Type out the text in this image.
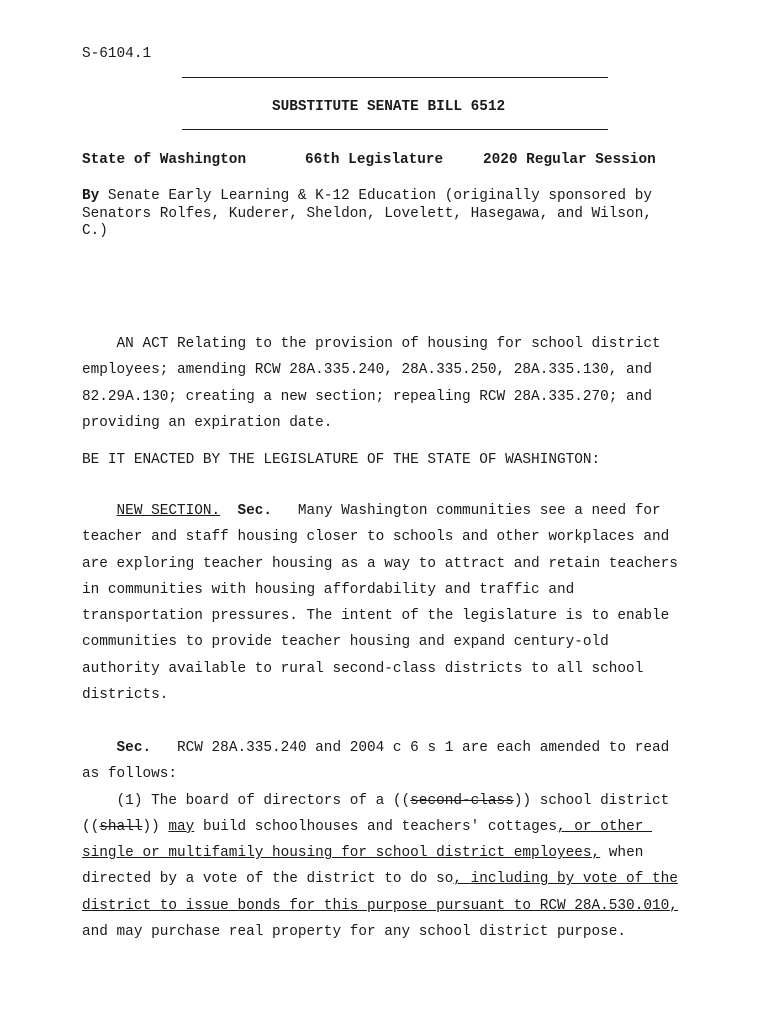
S-6104.1
SUBSTITUTE SENATE BILL 6512
State of Washington	66th Legislature	2020 Regular Session
By Senate Early Learning & K-12 Education (originally sponsored by
Senators Rolfes, Kuderer, Sheldon, Lovelett, Hasegawa, and Wilson,
C.)
AN ACT Relating to the provision of housing for school district
employees; amending RCW 28A.335.240, 28A.335.250, 28A.335.130, and
82.29A.130; creating a new section; repealing RCW 28A.335.270; and
providing an expiration date.
BE IT ENACTED BY THE LEGISLATURE OF THE STATE OF WASHINGTON:
NEW SECTION. Sec.   Many Washington communities see a need for
teacher and staff housing closer to schools and other workplaces and
are exploring teacher housing as a way to attract and retain teachers
in communities with housing affordability and traffic and
transportation pressures. The intent of the legislature is to enable
communities to provide teacher housing and expand century-old
authority available to rural second-class districts to all school
districts.
Sec.   RCW 28A.335.240 and 2004 c 6 s 1 are each amended to read
as follows:
(1) The board of directors of a ((second-class)) school district
((shall)) may build schoolhouses and teachers' cottages, or other
single or multifamily housing for school district employees, when
directed by a vote of the district to do so, including by vote of the
district to issue bonds for this purpose pursuant to RCW 28A.530.010,
and may purchase real property for any school district purpose.
